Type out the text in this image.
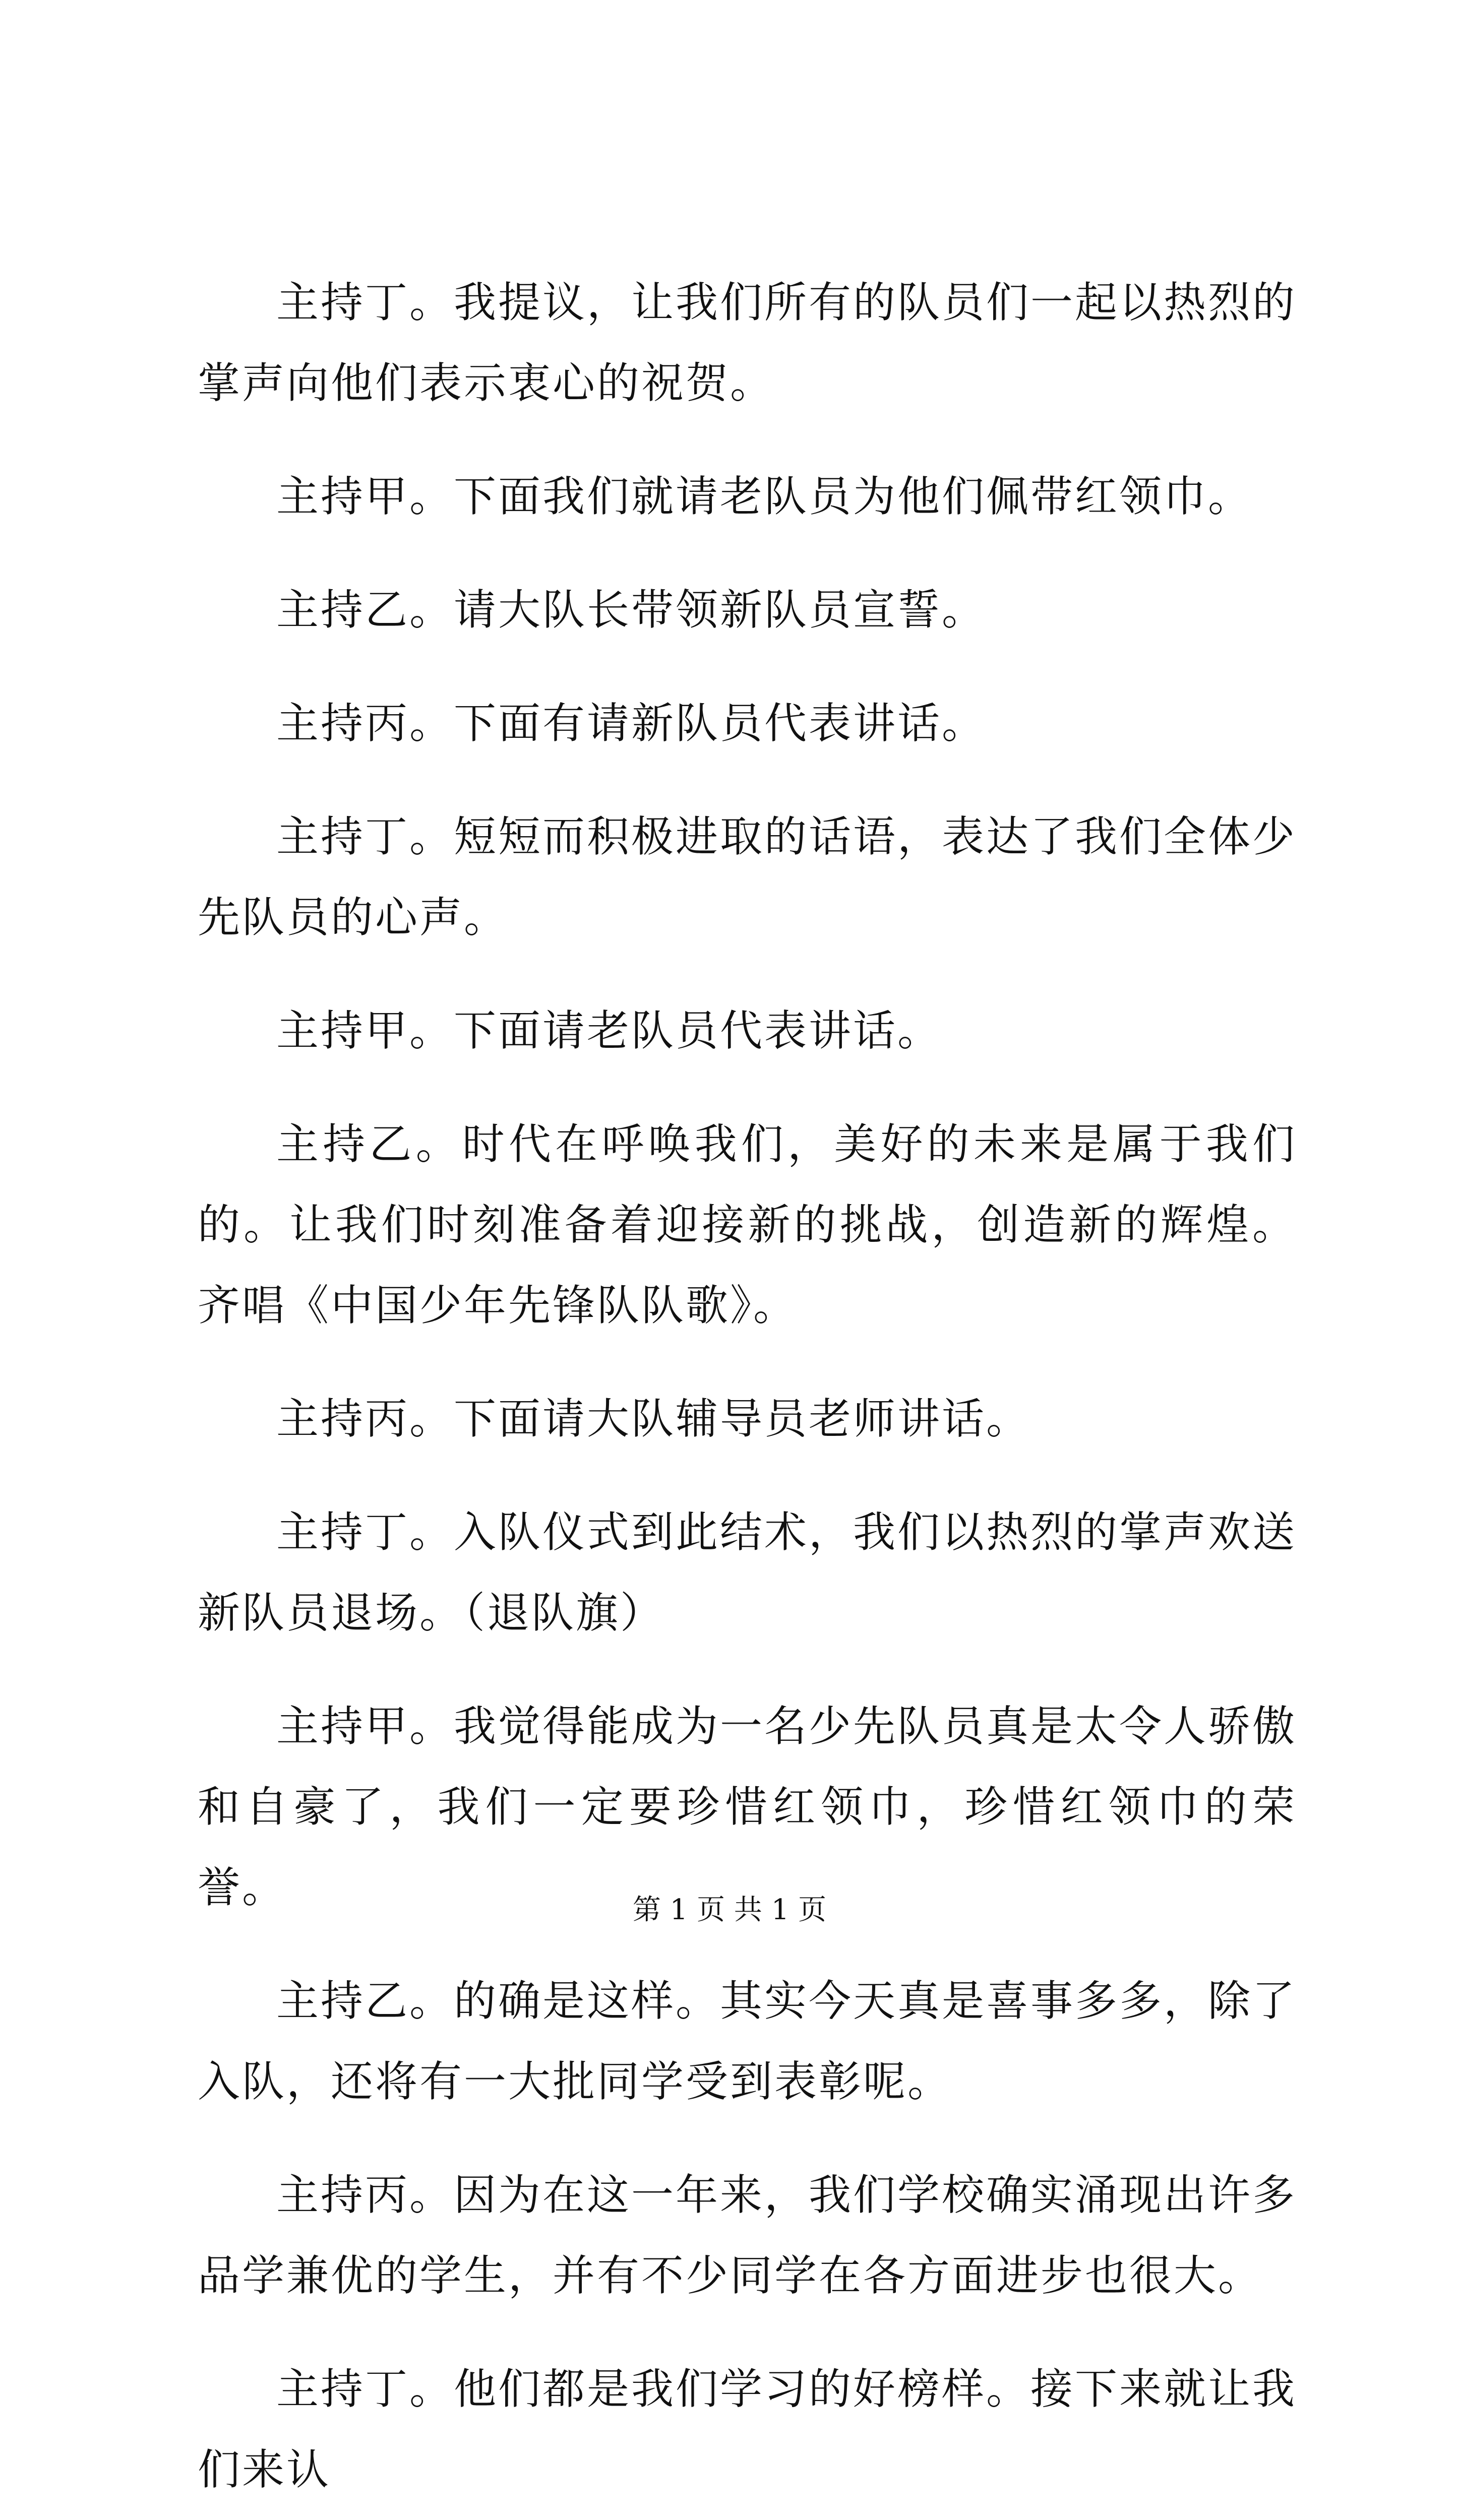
主持丁。我提议，让我们所有的队员们一起以热烈的掌声向他们表示衷心的祝贺。

主持甲。下面我们就请老队员为他们佩带红领巾。

主持乙。请大队长带领新队员宣誓。

主持丙。下面有请新队员代表讲话。

主持丁。短短而积极进取的话语，表达了我们全体少先队员的心声。

主持甲。下面请老队员代表讲话。

主持乙。时代在呼唤我们，美好的未来是属于我们的。让我们时刻准备着迎接新的挑战，创造新的辉煌。齐唱《中国少年先锋队队歌》。

主持丙。下面请大队辅导员老师讲话。

主持丁。入队仪式到此结术，我们以热烈的掌声欢送新队员退场。（退队旗）

主持甲。我觉得能成为一名少先队员真是太令人骄傲和自豪了，我们一定要珍惜红领巾，珍惜红领巾的荣誉。

主持乙。的确是这样。其实今天真是喜事多多，除了入队，还将有一大批同学受到表彰呢。

主持丙。因为在这一年来，我们学校确实涌现出许多品学兼优的学生，并有不少同学在各方面进步也很大。

主持丁。他们都是我们学习的好榜样。接下来就让我们来认

第 1 页 共 1 页
